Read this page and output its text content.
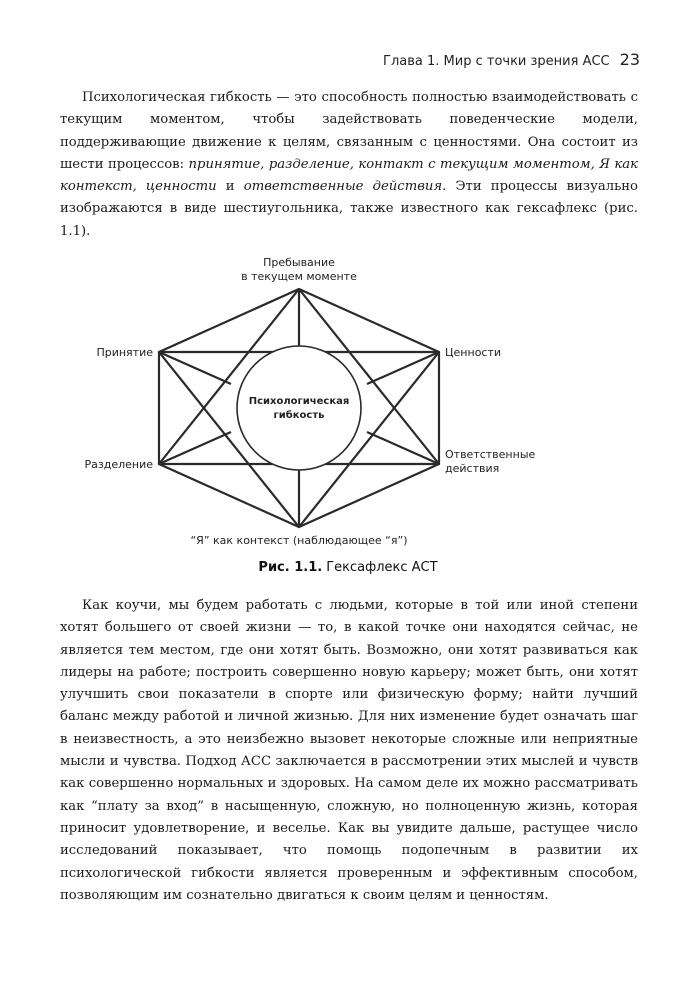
Глава 1. Мир с точки зрения АСС 23

Психологическая гибкость — это способность полностью взаимодействовать с текущим моментом, чтобы задействовать поведенческие модели, поддерживающие движение к целям, связанным с ценностями. Она состоит из шести процессов: принятие, разделение, контакт с текущим моментом, Я как контекст, ценности и ответственные действия. Эти процессы визуально изображаются в виде шестиугольника, также известного как гексафлекс (рис. 1.1).

Психологическая
гибкость
Пребывание
в текущем моменте
Принятие	Ценности
Разделение
Ответственные
действия
“Я” как контекст (наблюдающее “я”)
Рис. 1.1. Гексафлекс АСТ

Как коучи, мы будем работать с людьми, которые в той или иной степени хотят большего от своей жизни — то, в какой точке они находятся сейчас, не является тем местом, где они хотят быть. Возможно, они хотят развиваться как лидеры на работе; построить совершенно новую карьеру; может быть, они хотят улучшить свои показатели в спорте или физическую форму; найти лучший баланс между работой и личной жизнью. Для них изменение будет означать шаг в неизвестность, а это неизбежно вызовет некоторые сложные или неприятные мысли и чувства. Подход АСС заключается в рассмотрении этих мыслей и чувств как совершенно нормальных и здоровых. На самом деле их можно рассматривать как “плату за вход” в насыщенную, сложную, но полноценную жизнь, которая приносит удовлетворение, и веселье. Как вы увидите дальше, растущее число исследований показывает, что помощь подопечным в развитии их психологической гибкости является проверенным и эффективным способом, позволяющим им сознательно двигаться к своим целям и ценностям.
